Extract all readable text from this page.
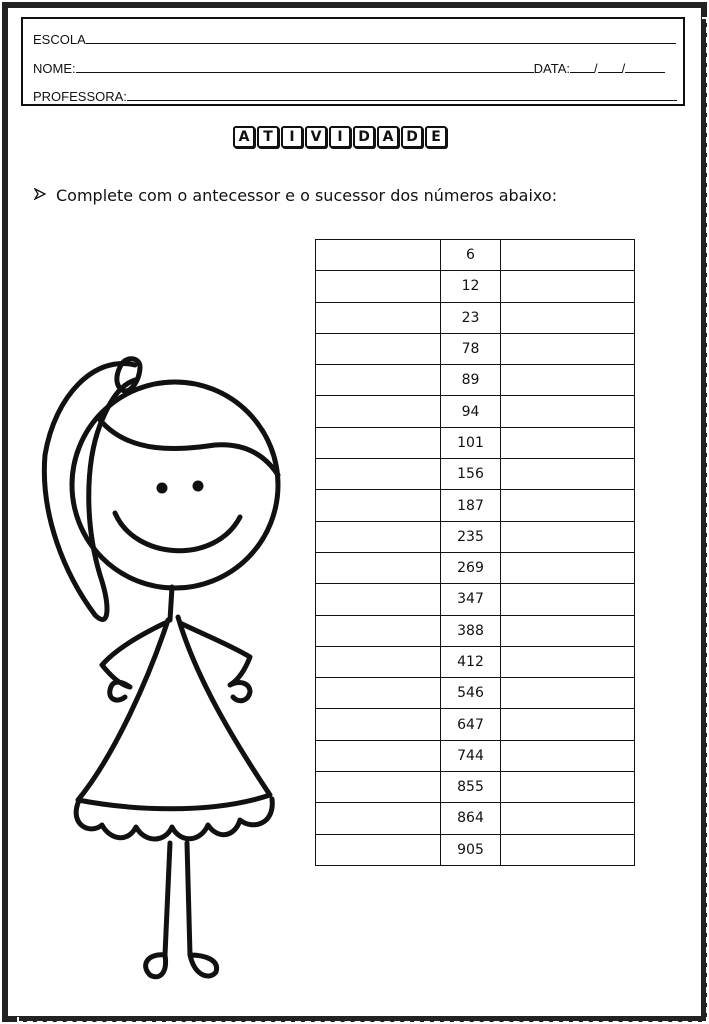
ESCOLA
NOME:	DATA: / /
PROFESSORA:
A T	I	V	I	D A D E
Complete com o antecessor e o sucessor dos números abaixo:
	6	
	12	
	23	
	78	
	89	
	94	
	101	
	156	
	187	
	235	
	269	
	347	
	388	
	412	
	546	
	647	
	744	
	855	
	864	
	905	
